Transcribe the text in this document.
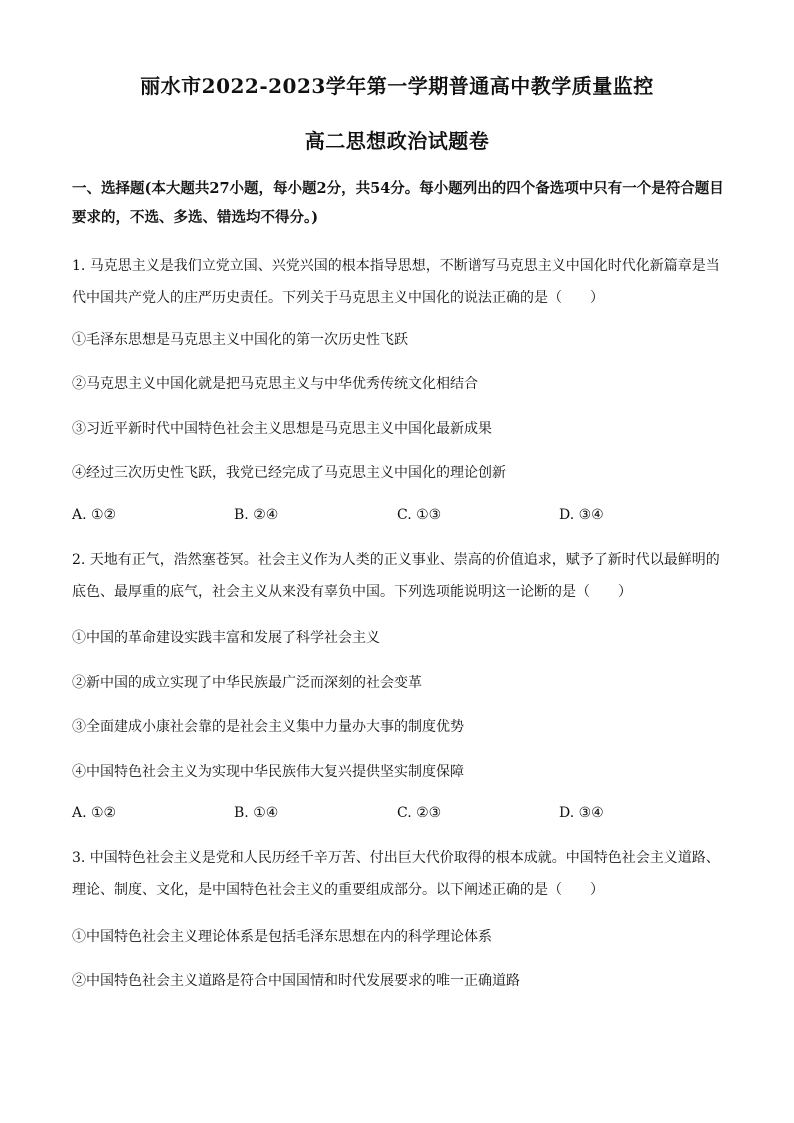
丽水市2022-2023学年第一学期普通高中教学质量监控
高二思想政治试题卷
一、选择题(本大题共27小题，每小题2分，共54分。每小题列出的四个备选项中只有一个是符合题目要求的，不选、多选、错选均不得分。)
1. 马克思主义是我们立党立国、兴党兴国的根本指导思想，不断谱写马克思主义中国化时代化新篇章是当代中国共产党人的庄严历史责任。下列关于马克思主义中国化的说法正确的是（　　）
①毛泽东思想是马克思主义中国化的第一次历史性飞跃
②马克思主义中国化就是把马克思主义与中华优秀传统文化相结合
③习近平新时代中国特色社会主义思想是马克思主义中国化最新成果
④经过三次历史性飞跃，我党已经完成了马克思主义中国化的理论创新
A. ①②	B. ②④	C. ①③	D. ③④
2. 天地有正气，浩然塞苍冥。社会主义作为人类的正义事业、崇高的价值追求，赋予了新时代以最鲜明的底色、最厚重的底气，社会主义从来没有辜负中国。下列选项能说明这一论断的是（　　）
①中国的革命建设实践丰富和发展了科学社会主义
②新中国的成立实现了中华民族最广泛而深刻的社会变革
③全面建成小康社会靠的是社会主义集中力量办大事的制度优势
④中国特色社会主义为实现中华民族伟大复兴提供坚实制度保障
A. ①②	B. ①④	C. ②③	D. ③④
3. 中国特色社会主义是党和人民历经千辛万苦、付出巨大代价取得的根本成就。中国特色社会主义道路、理论、制度、文化，是中国特色社会主义的重要组成部分。以下阐述正确的是（　　）
①中国特色社会主义理论体系是包括毛泽东思想在内的科学理论体系
②中国特色社会主义道路是符合中国国情和时代发展要求的唯一正确道路
